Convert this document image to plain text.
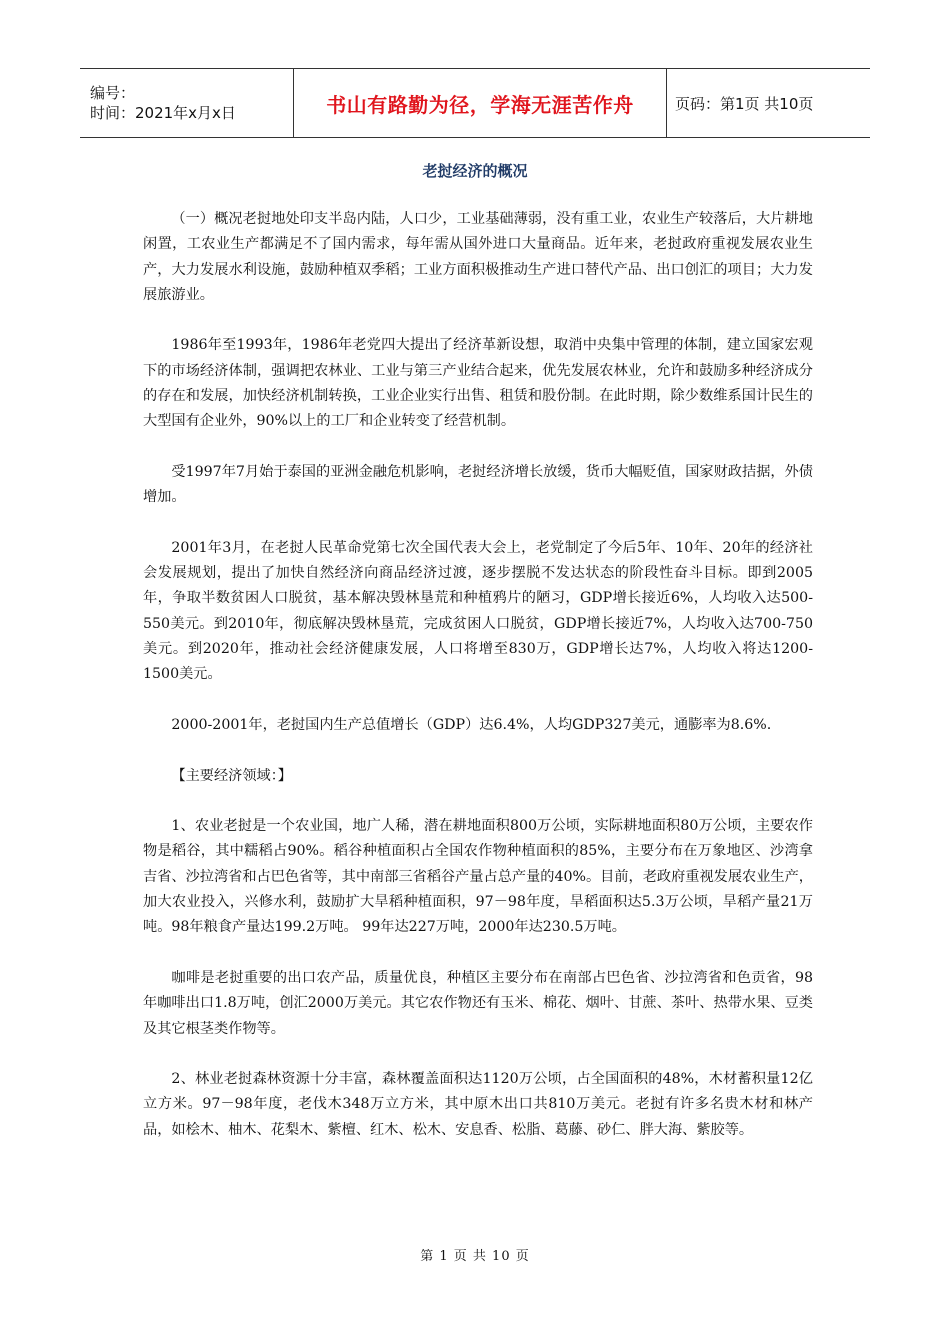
编号：
时间：2021年x月x日	书山有路勤为径，学海无涯苦作舟	页码：第1页 共10页
老挝经济的概况

（一）概况老挝地处印支半岛内陆，人口少，工业基础薄弱，没有重工业，农业生产较落后，大片耕地闲置，工农业生产都满足不了国内需求，每年需从国外进口大量商品。近年来，老挝政府重视发展农业生产，大力发展水利设施，鼓励种植双季稻；工业方面积极推动生产进口替代产品、出口创汇的项目；大力发展旅游业。

1986年至1993年，1986年老党四大提出了经济革新设想，取消中央集中管理的体制，建立国家宏观下的市场经济体制，强调把农林业、工业与第三产业结合起来，优先发展农林业，允许和鼓励多种经济成分的存在和发展，加快经济机制转换，工业企业实行出售、租赁和股份制。在此时期，除少数维系国计民生的大型国有企业外，90%以上的工厂和企业转变了经营机制。

受1997年7月始于泰国的亚洲金融危机影响，老挝经济增长放缓，货币大幅贬值，国家财政拮据，外债增加。

2001年3月，在老挝人民革命党第七次全国代表大会上，老党制定了今后5年、10年、20年的经济社会发展规划，提出了加快自然经济向商品经济过渡，逐步摆脱不发达状态的阶段性奋斗目标。即到2005年，争取半数贫困人口脱贫，基本解决毁林垦荒和种植鸦片的陋习，GDP增长接近6%，人均收入达500-550美元。到2010年，彻底解决毁林垦荒，完成贫困人口脱贫，GDP增长接近7%，人均收入达700-750美元。到2020年，推动社会经济健康发展，人口将增至830万，GDP增长达7%，人均收入将达1200-1500美元。

2000-2001年，老挝国内生产总值增长（GDP）达6.4%，人均GDP327美元，通膨率为8.6%.

【主要经济领域：】

1、农业老挝是一个农业国，地广人稀，潜在耕地面积800万公顷，实际耕地面积80万公顷，主要农作物是稻谷，其中糯稻占90%。稻谷种植面积占全国农作物种植面积的85%，主要分布在万象地区、沙湾拿吉省、沙拉湾省和占巴色省等，其中南部三省稻谷产量占总产量的40%。目前，老政府重视发展农业生产，加大农业投入，兴修水利，鼓励扩大旱稻种植面积，97－98年度，旱稻面积达5.3万公顷，旱稻产量21万吨。98年粮食产量达199.2万吨。 99年达227万吨，2000年达230.5万吨。

咖啡是老挝重要的出口农产品，质量优良，种植区主要分布在南部占巴色省、沙拉湾省和色贡省，98年咖啡出口1.8万吨，创汇2000万美元。其它农作物还有玉米、棉花、烟叶、甘蔗、茶叶、热带水果、豆类及其它根茎类作物等。

2、林业老挝森林资源十分丰富，森林覆盖面积达1120万公顷，占全国面积的48%，木材蓄积量12亿立方米。97－98年度，老伐木348万立方米，其中原木出口共810万美元。老挝有许多名贵木材和林产品，如桧木、柚木、花梨木、紫檀、红木、松木、安息香、松脂、葛藤、砂仁、胖大海、紫胶等。

第 1 页 共 10 页
